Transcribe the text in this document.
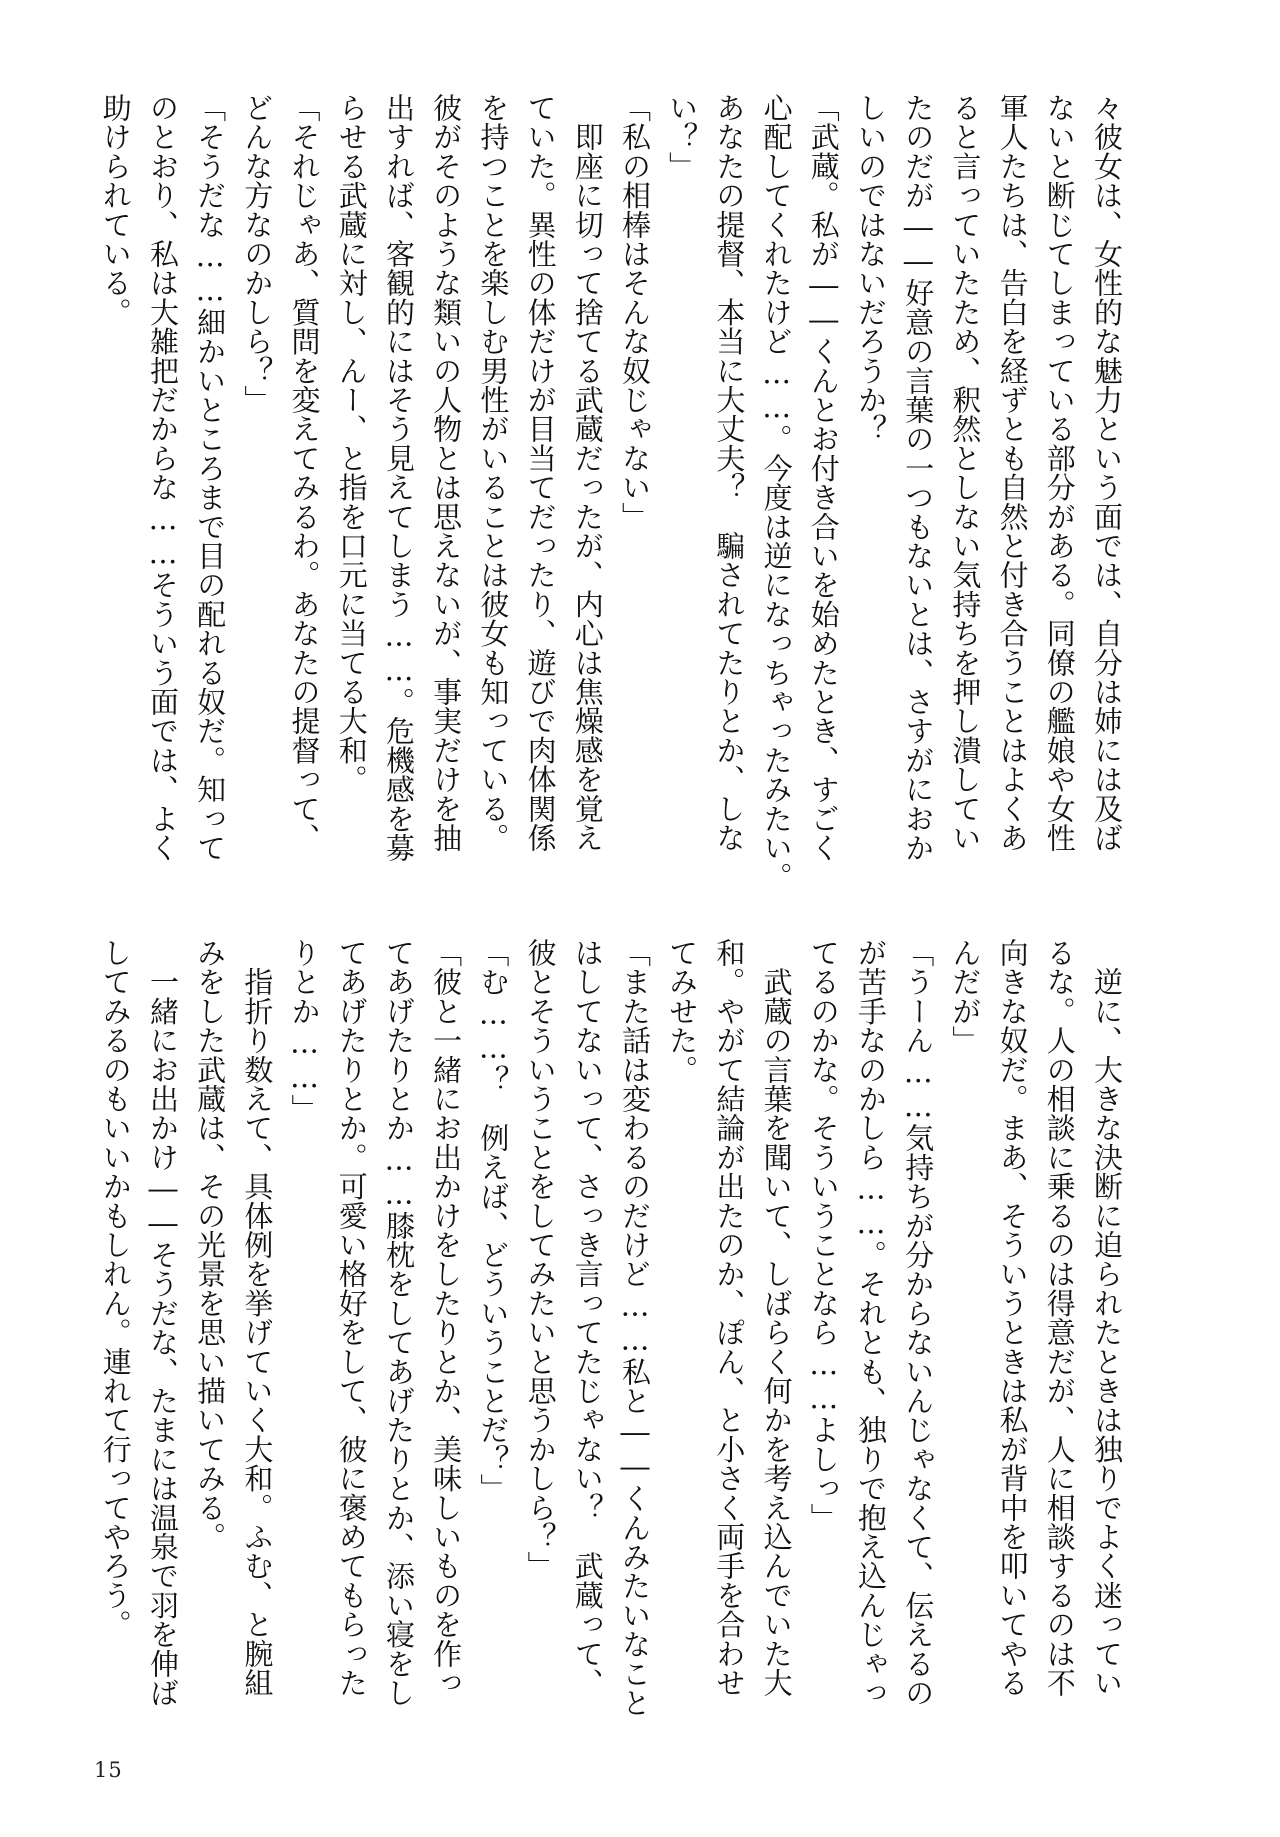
々彼女は、女性的な魅力という面では、自分は姉には及ば
ないと断じてしまっている部分がある。同僚の艦娘や女性
軍人たちは、告白を経ずとも自然と付き合うことはよくあ
ると言っていたため、釈然としない気持ちを押し潰してい
たのだが――好意の言葉の一つもないとは、さすがにおか
しいのではないだろうか？
「武蔵。私が――くんとお付き合いを始めたとき、すごく
心配してくれたけど……。今度は逆になっちゃったみたい。
あなたの提督、本当に大丈夫？　騙されてたりとか、しな
い？」
「私の相棒はそんな奴じゃない」
　即座に切って捨てる武蔵だったが、内心は焦燥感を覚え
ていた。異性の体だけが目当てだったり、遊びで肉体関係
を持つことを楽しむ男性がいることは彼女も知っている。
彼がそのような類いの人物とは思えないが、事実だけを抽
出すれば、客観的にはそう見えてしまう……。危機感を募
らせる武蔵に対し、んー、と指を口元に当てる大和。
「それじゃあ、質問を変えてみるわ。あなたの提督って、
どんな方なのかしら？」
「そうだな……細かいところまで目の配れる奴だ。知って
のとおり、私は大雑把だからな……そういう面では、よく
助けられている。
　逆に、大きな決断に迫られたときは独りでよく迷ってい
るな。人の相談に乗るのは得意だが、人に相談するのは不
向きな奴だ。まあ、そういうときは私が背中を叩いてやる
んだが」
「うーん……気持ちが分からないんじゃなくて、伝えるの
が苦手なのかしら……。それとも、独りで抱え込んじゃっ
てるのかな。そういうことなら……よしっ」
　武蔵の言葉を聞いて、しばらく何かを考え込んでいた大
和。やがて結論が出たのか、ぽん、と小さく両手を合わせ
てみせた。
「また話は変わるのだけど……私と――くんみたいなこと
はしてないって、さっき言ってたじゃない？　武蔵って、
彼とそういうことをしてみたいと思うかしら？」
「む……？　例えば、どういうことだ？」
「彼と一緒にお出かけをしたりとか、美味しいものを作っ
てあげたりとか……膝枕をしてあげたりとか、添い寝をし
てあげたりとか。可愛い格好をして、彼に褒めてもらった
りとか……」
　指折り数えて、具体例を挙げていく大和。ふむ、と腕組
みをした武蔵は、その光景を思い描いてみる。
　一緒にお出かけ――そうだな、たまには温泉で羽を伸ば
してみるのもいいかもしれん。連れて行ってやろう。
15
